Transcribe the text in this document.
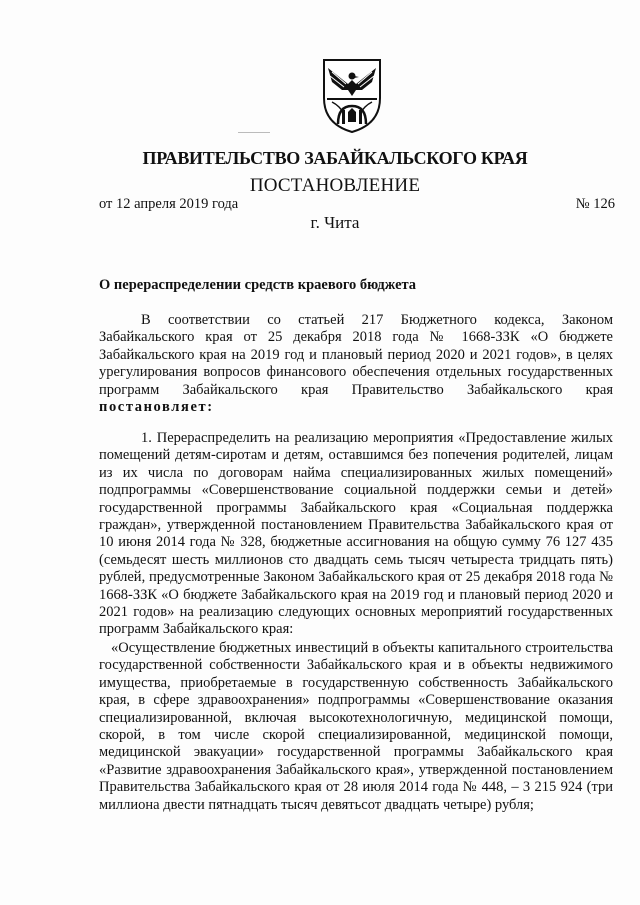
ПРАВИТЕЛЬСТВО ЗАБАЙКАЛЬСКОГО КРАЯ
ПОСТАНОВЛЕНИЕ
от 12 апреля 2019 года	№ 126
г. Чита
О перераспределении средств краевого бюджета

В соответствии со статьей 217 Бюджетного кодекса, Законом Забайкальского края от 25 декабря 2018 года № 1668-ЗЗК «О бюджете Забайкальского края на 2019 год и плановый период 2020 и 2021 годов», в целях урегулирования вопросов финансового обеспечения отдельных государственных программ Забайкальского края Правительство Забайкальского края постановляет:

1. Перераспределить на реализацию мероприятия «Предоставление жилых помещений детям-сиротам и детям, оставшимся без попечения родителей, лицам из их числа по договорам найма специализированных жилых помещений» подпрограммы «Совершенствование социальной поддержки семьи и детей» государственной программы Забайкальского края «Социальная поддержка граждан», утвержденной постановлением Правительства Забайкальского края от 10 июня 2014 года № 328, бюджетные ассигнования на общую сумму 76 127 435 (семьдесят шесть миллионов сто двадцать семь тысяч четыреста тридцать пять) рублей, предусмотренные Законом Забайкальского края от 25 декабря 2018 года № 1668-ЗЗК «О бюджете Забайкальского края на 2019 год и плановый период 2020 и 2021 годов» на реализацию следующих основных мероприятий государственных программ Забайкальского края:

«Осуществление бюджетных инвестиций в объекты капитального строительства государственной собственности Забайкальского края и в объекты недвижимого имущества, приобретаемые в государственную собственность Забайкальского края, в сфере здравоохранения» подпрограммы «Совершенствование оказания специализированной, включая высокотехнологичную, медицинской помощи, скорой, в том числе скорой специализированной, медицинской помощи, медицинской эвакуации» государственной программы Забайкальского края «Развитие здравоохранения Забайкальского края», утвержденной постановлением Правительства Забайкальского края от 28 июля 2014 года № 448, – 3 215 924 (три миллиона двести пятнадцать тысяч девятьсот двадцать четыре) рубля;
